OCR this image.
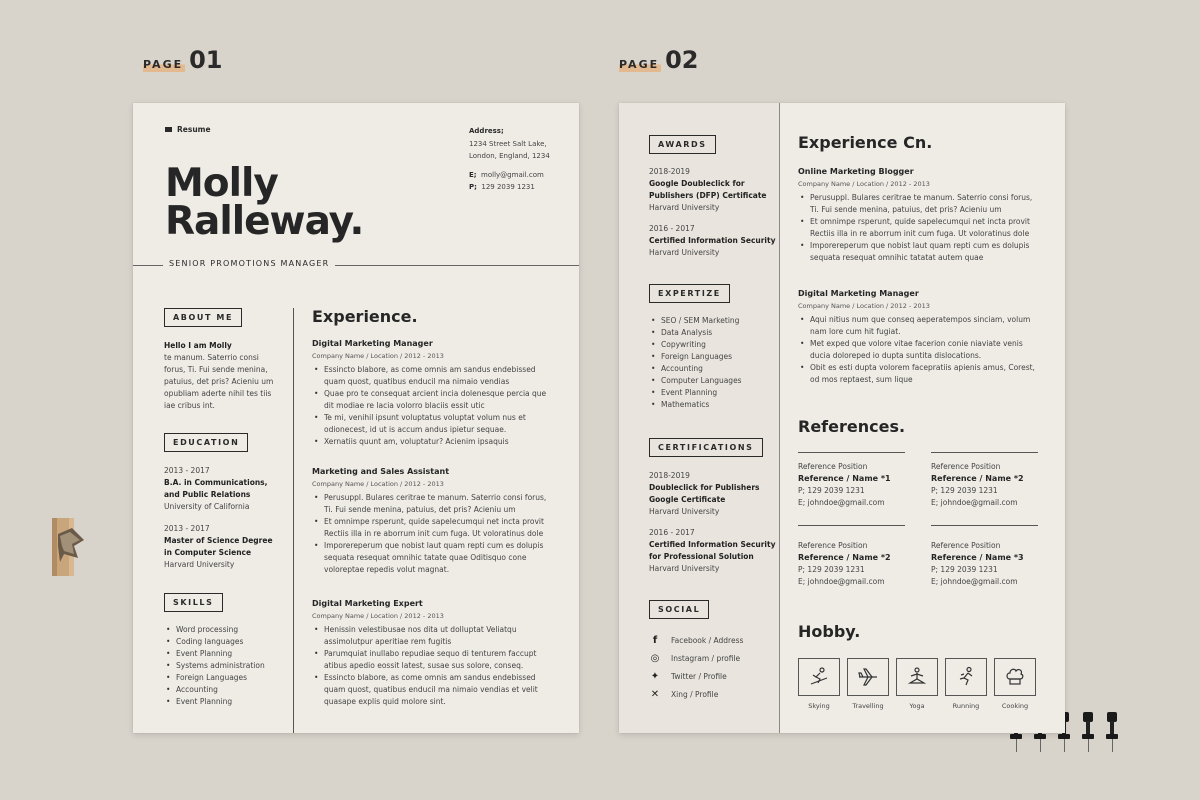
PAGE 01	PAGE 02
Resume	Address;
1234 Street Salt Lake,
London, England, 1234
E; molly@gmail.com
P; 129 2039 1231
Molly
Ralleway.
SENIOR PROMOTIONS MANAGER
ABOUT ME
Hello I am Molly
te manum. Saterrio consi forus, Ti. Fui sende menina, patuius, det pris? Acieniu um opubliam aderte nihil tes tiis iae cribus int.
EDUCATION
2013 - 2017
B.A. in Communications,
and Public Relations
University of California
2013 - 2017
Master of Science Degree
in Computer Science
Harvard University
SKILLS
• Word processing
• Coding languages
• Event Planning
• Systems administration
• Foreign Languages
• Accounting
• Event Planning
Experience.
Digital Marketing Manager
Company Name / Location / 2012 - 2013
• Essincto blabore, as come omnis am sandus endebissed quam quost, quatibus enducil ma nimaio vendias
• Quae pro te consequat arcient incia dolenesque percia que dit modiae re lacia volorro blaciis essit utic
• Te mi, venihil ipsunt voluptatus voluptat volum nus et odionecest, id ut is accum andus ipietur sequae.
• Xernatiis quunt am, voluptatur? Acienim ipsaquis
Marketing and Sales Assistant
Company Name / Location / 2012 - 2013
• Perusuppl. Bulares ceritrae te manum. Saterrio consi forus, Ti. Fui sende menina, patuius, det pris? Acieniu um
• Et omnimpe rsperunt, quide sapelecumqui net incta provit Rectiis illa in re aborrum init cum fuga. Ut voloratinus dole
• Imporereperum que nobist laut quam repti cum es dolupis sequata resequat omnihic tatate quae Oditisquo cone voloreptae repedis volut magnat.
Digital Marketing Expert
Company Name / Location / 2012 - 2013
• Henissin velestibusae nos dita ut dolluptat Veliatqu assimolutpur aperitiae rem fugitis
• Parumquiat inullabo repudiae sequo di tenturem faccupt atibus apedio eossit latest, susae sus solore, conseq.
• Essincto blabore, as come omnis am sandus endebissed quam quost, quatibus enducil ma nimaio vendias et velit quasape explis quid molore sint.
AWARDS
2018-2019
Google Doubleclick for
Publishers (DFP) Certificate
Harvard University
2016 - 2017
Certified Information Security
Harvard University
EXPERTIZE
• SEO / SEM Marketing
• Data Analysis
• Copywriting
• Foreign Languages
• Accounting
• Computer Languages
• Event Planning
• Mathematics
CERTIFICATIONS
2018-2019
Doubleclick for Publishers
Google Certificate
Harvard University
2016 - 2017
Certified Information Security
for Professional Solution
Harvard University
SOCIAL
f	Facebook / Address
◎ Instagram / profile
✦ Twitter / Profile
✕ Xing / Profile
Experience Cn.
Online Marketing Blogger
Company Name / Location / 2012 - 2013
• Perusuppl. Bulares ceritrae te manum. Saterrio consi forus, Ti. Fui sende menina, patuius, det pris? Acieniu um
• Et omnimpe rsperunt, quide sapelecumqui net incta provit Rectiis illa in re aborrum init cum fuga. Ut voloratinus dole
• Imporereperum que nobist laut quam repti cum es dolupis sequata resequat omnihic tatatat autem quae
Digital Marketing Manager
Company Name / Location / 2012 - 2013
• Aqui nitius num que conseq aeperatempos sinciam, volum nam lore cum hit fugiat.
• Met exped que volore vitae facerion conie niaviate venis ducia doloreped io dupta suntita dislocations.
• Obit es esti dupta volorem facepratiis apienis amus, Corest, od mos reptaest, sum lique
References.
Reference Position
Reference / Name *1
P; 129 2039 1231
E; johndoe@gmail.com
Reference Position
Reference / Name *2
P; 129 2039 1231
E; johndoe@gmail.com
Reference Position
Reference / Name *2
P; 129 2039 1231
E; johndoe@gmail.com
Reference Position
Reference / Name *3
P; 129 2039 1231
E; johndoe@gmail.com
Hobby.
Skying	Travelling	Yoga	Running	Cooking
